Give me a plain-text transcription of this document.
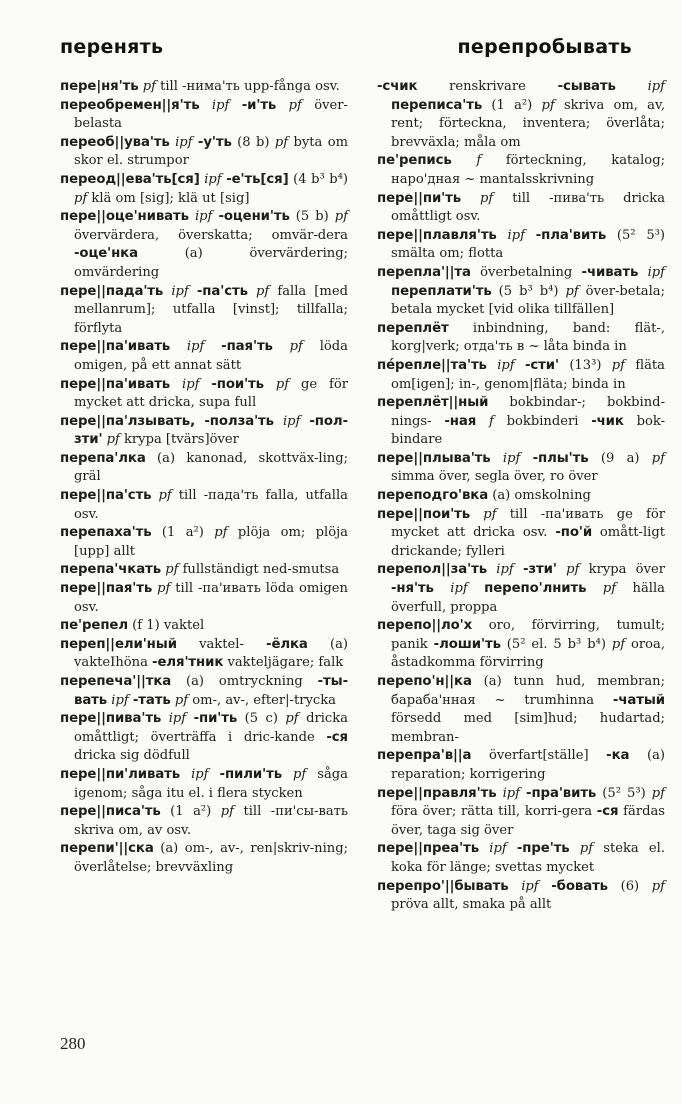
перенять	перепробывать
пере|ня'ть pf till -нима'ть upp-fånga osv.
переобремен||я'ть ipf -и'ть pf över-belasta
переоб||ува'ть ipf -у'ть (8 b) pf byta om skor el. strumpor
переод||ева'ть[ся] ipf -е'ть[ся] (4 b³ b⁴) pf klä om [sig]; klä ut [sig]
пере||оце'нивать ipf -оцени'ть (5 b) pf övervärdera, överskatta; omvär-dera -оце'нка (a) övervärdering; omvärdering
пере||пада'ть ipf -па'сть pf falla [med mellanrum]; utfalla [vinst]; tillfalla; förflyta
пере||па'ивать ipf -пая'ть pf löda omigen, på ett annat sätt
пере||па'ивать ipf -пои'ть pf ge för mycket att dricka, supa full
пере||па'лзывать, -полза'ть ipf -пол-зти' pf krypa [tvärs]över
перепа'лка (a) kanonad, skottväx-ling; gräl
пере||па'сть pf till -пада'ть falla, utfalla osv.
перепаха'ть (1 a²) pf plöja om; plöja [upp] allt
перепа'чкать pf fullständigt ned-smutsa
пере||пая'ть pf till -па'ивать löda omigen osv.
пе'репел (f 1) vaktel
переп||ели'ный vaktel- -ёлка (a) vakteIhöna -еля'тник vakteljägare; falk
перепеча'||тка (a) omtryckning -ты-вать ipf -тать pf om-, av-, efter|-trycka
пере||пива'ть ipf -пи'ть (5 c) pf dricka omåttligt; överträffa i dric-kande -ся dricka sig dödfull
пере||пи'ливать ipf -пили'ть pf såga igenom; såga itu el. i flera stycken
пере||писа'ть (1 a²) pf till -пи'сы-вать skriva om, av osv.
перепи'||ска (a) om-, av-, ren|skriv-ning; överlåtelse; brevväxling
-счик renskrivare -сывать ipf переписа'ть (1 a²) pf skriva om, av, rent; förteckna, inventera; överlåta; brevväxla; måla om
пе'репись f förteckning, katalog; наро'дная ~ mantalsskrivning
пере||пи'ть pf till -пива'ть dricka omåttligt osv.
пере||плавля'ть ipf -пла'вить (5² 5³) smälta om; flotta
перепла'||та överbetalning -чивать ipf переплати'ть (5 b³ b⁴) pf över-betala; betala mycket [vid olika tillfällen]
переплёт inbindning, band: flät-, korg|verk; отда'ть в ~ låta binda in
пе́репле||та'ть ipf -сти' (13³) pf fläta om[igen]; in-, genom|fläta; binda in
переплёт||ный bokbindar-; bokbind-nings- -ная f bokbinderi -чик bok-bindare
пере||плыва'ть ipf -плы'ть (9 a) pf simma över, segla över, ro över
переподго'вка (a) omskolning
пере||пои'ть pf till -па'ивать ge för mycket att dricka osv. -по'й omått-ligt drickande; fylleri
перепол||за'ть ipf -зти' pf krypa över -ня'ть ipf перепо'лнить pf hälla överfull, proppa
перепо||ло'х oro, förvirring, tumult; panik -лоши'ть (5² el. 5 b³ b⁴) pf oroa, åstadkomma förvirring
перепо'н||ка (a) tunn hud, membran; бараба'нная ~ trumhinna -чатый försedd med [sim]hud; hudartad; membran-
перепра'в||а överfart[ställe] -ка (a) reparation; korrigering
пере||правля'ть ipf -пра'вить (5² 5³) pf föra över; rätta till, korri-gera -ся färdas över, taga sig över
пере||преа'ть ipf -пре'ть pf steka el. koka för länge; svettas mycket
перепро'||бывать ipf -бовать (6) pf pröva allt, smaka på allt
280
